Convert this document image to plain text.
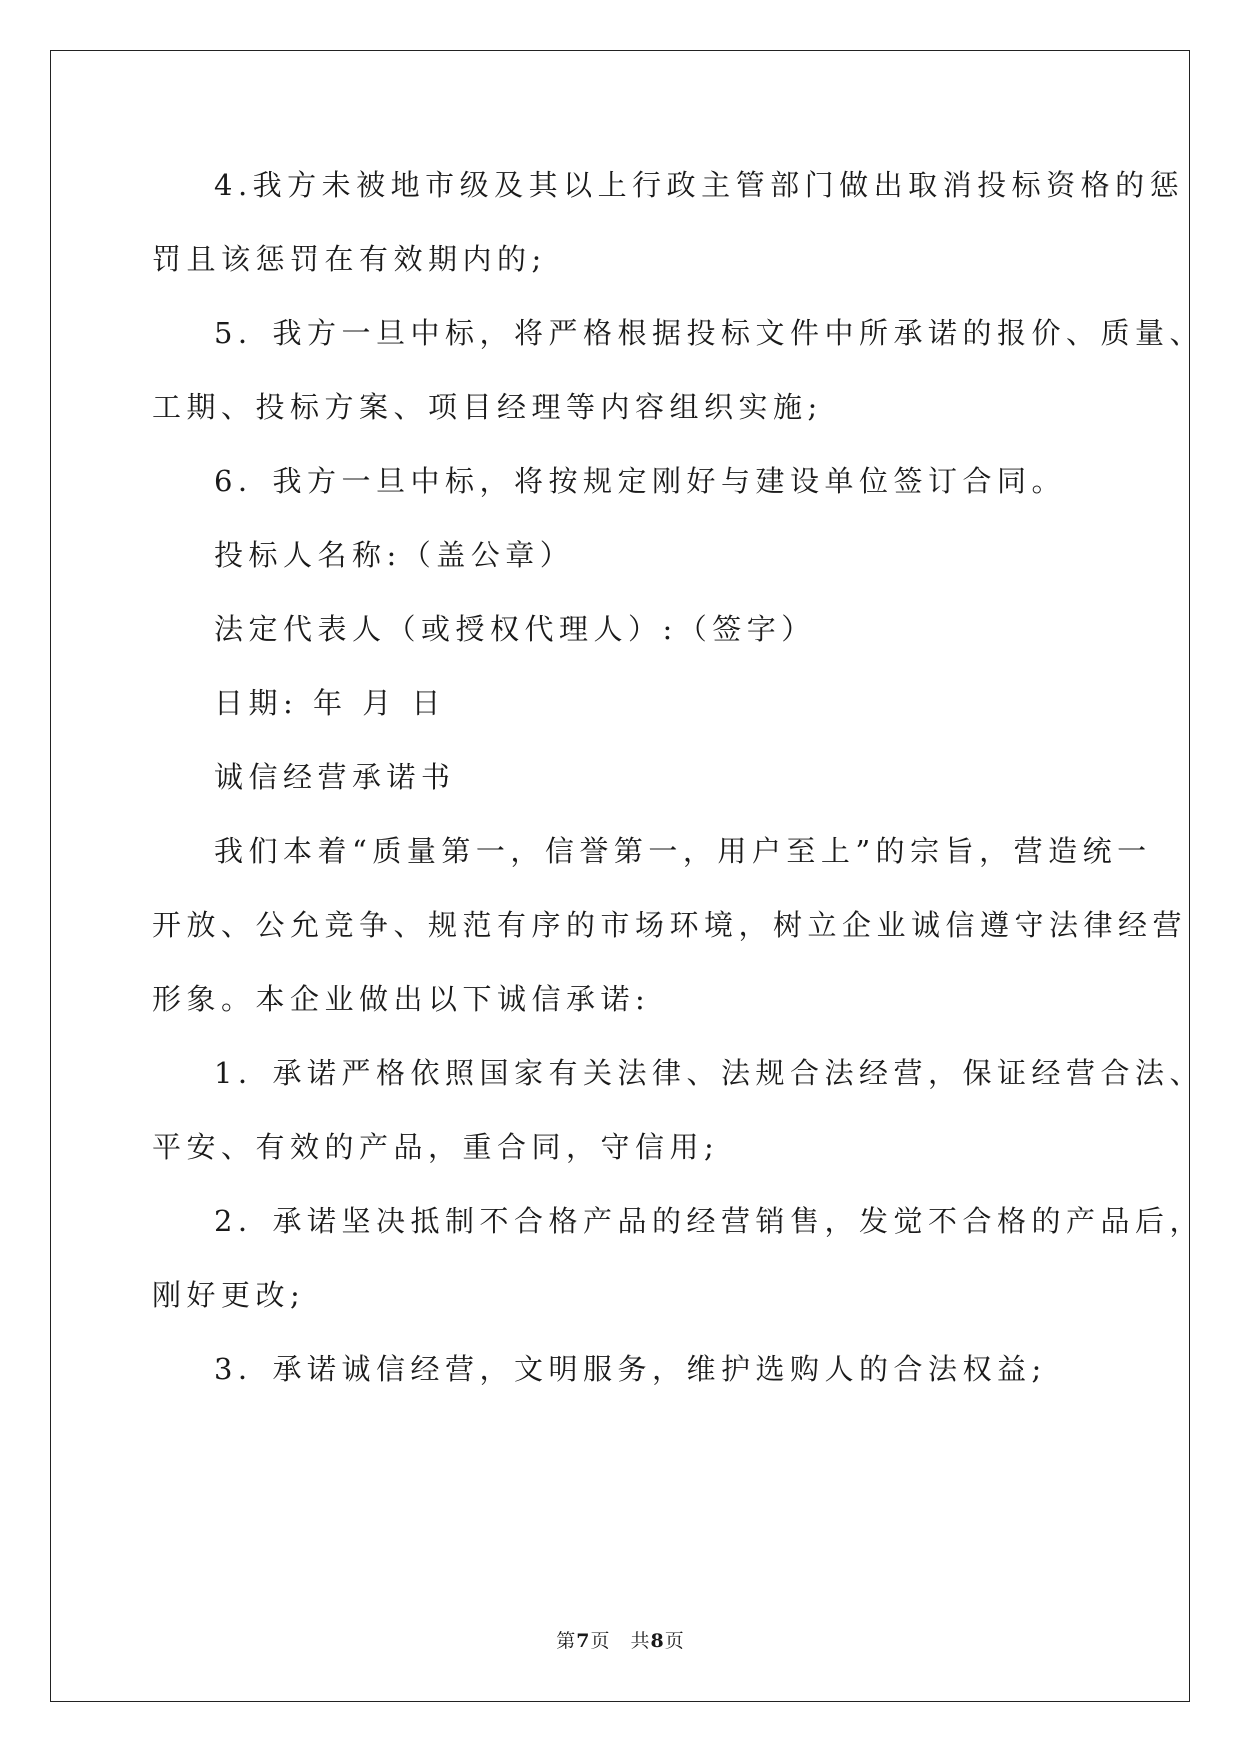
4.我方未被地市级及其以上行政主管部门做出取消投标资格的惩
罚且该惩罚在有效期内的;
5．我方一旦中标，将严格根据投标文件中所承诺的报价、质量、
工期、投标方案、项目经理等内容组织实施;
6．我方一旦中标，将按规定刚好与建设单位签订合同。
投标人名称:（盖公章）
法定代表人（或授权代理人）:（签字）
日期: 年 月 日
诚信经营承诺书
我们本着“质量第一，信誉第一，用户至上”的宗旨，营造统一
开放、公允竞争、规范有序的市场环境，树立企业诚信遵守法律经营
形象。本企业做出以下诚信承诺:
1．承诺严格依照国家有关法律、法规合法经营，保证经营合法、
平安、有效的产品，重合同，守信用;
2．承诺坚决抵制不合格产品的经营销售，发觉不合格的产品后，
刚好更改;
3．承诺诚信经营，文明服务，维护选购人的合法权益;
第7页　共8页
